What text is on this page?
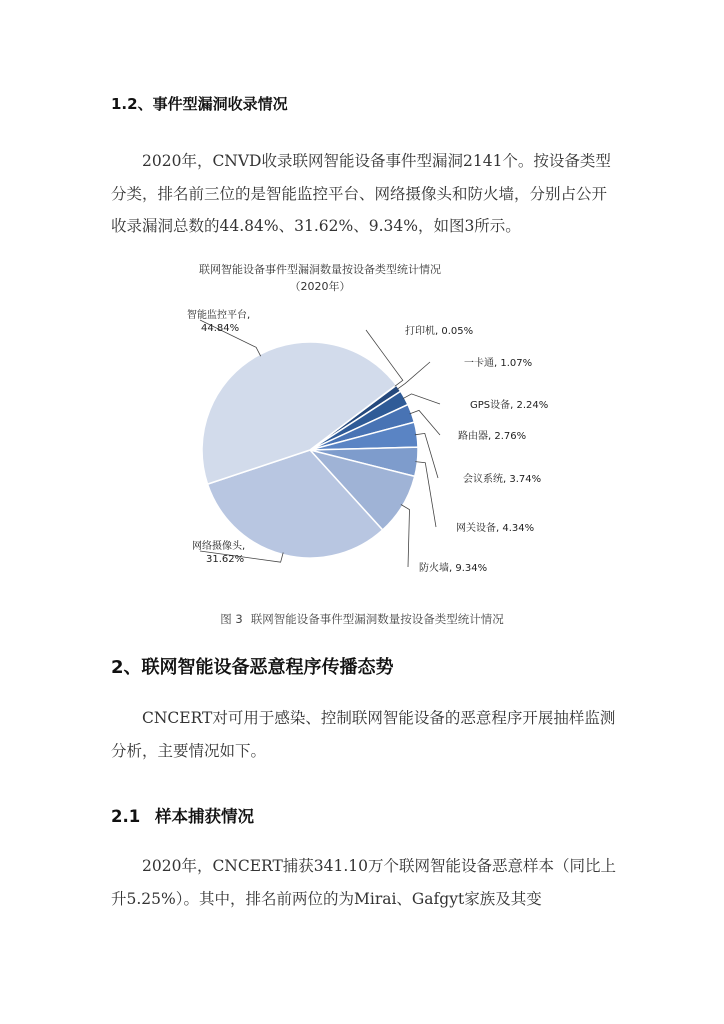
1.2、事件型漏洞收录情况

2020年，CNVD收录联网智能设备事件型漏洞2141个。按设备类型分类，排名前三位的是智能监控平台、网络摄像头和防火墙，分别占公开收录漏洞总数的44.84%、31.62%、9.34%，如图3所示。

联网智能设备事件型漏洞数量按设备类型统计情况
（2020年）
打印机, 0.05%
一卡通, 1.07%
GPS设备, 2.24%
路由器, 2.76%
会议系统, 3.74%
网关设备, 4.34%
防火墙, 9.34%
网络摄像头, 31.62%
智能监控平台, 44.84%
图 3 联网智能设备事件型漏洞数量按设备类型统计情况
2、联网智能设备恶意程序传播态势

CNCERT对可用于感染、控制联网智能设备的恶意程序开展抽样监测分析，主要情况如下。

2.1 样本捕获情况

2020年，CNCERT捕获341.10万个联网智能设备恶意样本（同比上升5.25%）。其中，排名前两位的为Mirai、Gafgyt家族及其变
